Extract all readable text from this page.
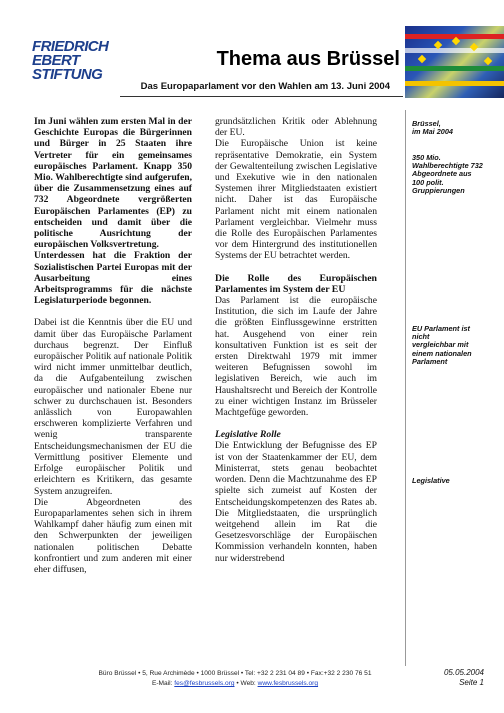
FRIEDRICH
EBERT
STIFTUNG
Thema aus Brüssel
Das Europaparlament vor den Wahlen am 13. Juni 2004

Im Juni wählen zum ersten Mal in der Geschichte Europas die Bürgerinnen und Bürger in 25 Staaten ihre Vertreter für ein gemeinsames europäisches Parlament. Knapp 350 Mio. Wahlberechtigte sind aufgerufen, über die Zusammensetzung eines auf 732 Abgeordnete vergrößerten Europäischen Parlamentes (EP) zu entscheiden und damit über die politische Ausrichtung der europäischen Volksvertretung.

Unterdessen hat die Fraktion der Sozialistischen Partei Europas mit der Ausarbeitung eines Arbeitsprogramms für die nächste Legislaturperiode begonnen.

Dabei ist die Kenntnis über die EU und damit über das Europäische Parlament durchaus begrenzt. Der Einfluß europäischer Politik auf nationale Politik wird nicht immer unmittelbar deutlich, da die Aufgabenteilung zwischen europäischer und nationaler Ebene nur schwer zu durchschauen ist. Besonders anlässlich von Europawahlen erschweren komplizierte Verfahren und wenig transparente Entscheidungsmechanismen der EU die Vermittlung positiver Elemente und Erfolge europäischer Politik und erleichtern es Kritikern, das gesamte System anzugreifen.

Die Abgeordneten des Europaparlamentes sehen sich in ihrem Wahlkampf daher häufig zum einen mit den Schwerpunkten der jeweiligen nationalen politischen Debatte konfrontiert und zum anderen mit einer eher diffusen,

grundsätzlichen Kritik oder Ablehnung der EU.

Die Europäische Union ist keine repräsentative Demokratie, ein System der Gewaltenteilung zwischen Legislative und Exekutive wie in den nationalen Systemen ihrer Mitgliedstaaten existiert nicht. Daher ist das Europäische Parlament nicht mit einem nationalen Parlament vergleichbar. Vielmehr muss die Rolle des Europäischen Parlamentes vor dem Hintergrund des institutionellen Systems der EU betrachtet werden.

Die Rolle des Europäischen Parlamentes im System der EU

Das Parlament ist die europäische Institution, die sich im Laufe der Jahre die größten Einflussgewinne erstritten hat. Ausgehend von einer rein konsultativen Funktion ist es seit der ersten Direktwahl 1979 mit immer weiteren Befugnissen sowohl im legislativen Bereich, wie auch im Haushaltsrecht und Bereich der Kontrolle zu einer wichtigen Instanz im Brüsseler Machtgefüge geworden.

Legislative Rolle

Die Entwicklung der Befugnisse des EP ist von der Staatenkammer der EU, dem Ministerrat, stets genau beobachtet worden. Denn die Machtzunahme des EP spielte sich zumeist auf Kosten der Entscheidungskompetenzen des Rates ab. Die Mitgliedstaaten, die ursprünglich weitgehend allein im Rat die Gesetzesvorschläge der Europäischen Kommission verhandeln konnten, haben nur widerstrebend

Brüssel,
im Mai 2004
350 Mio. Wahlberechtigte 732 Abgeordnete aus 100 polit. Gruppierungen
EU Parlament ist nicht vergleichbar mit einem nationalen Parlament
Legislative
Büro Brüssel • 5, Rue Archimède • 1000 Brüssel • Tel: +32 2 231 04 89 • Fax:+32 2 230 76 51
E-Mail: fes@fesbrussels.org • Web: www.fesbrussels.org
05.05.2004
Seite 1
